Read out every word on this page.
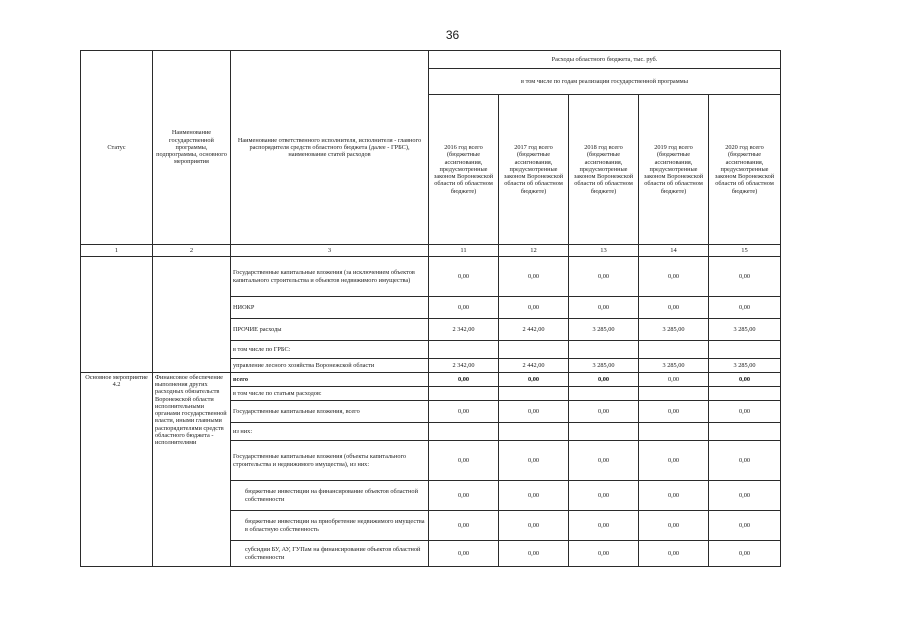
36
Статус	Наименование государственной программы, подпрограммы, основного мероприятия	Наименование ответственного исполнителя, исполнителя - главного распорядителя средств областного бюджета (далее - ГРБС), наименование статей расходов	Расходы областного бюджета, тыс. руб.				
			в том числе по годам реализации государственной программы				
			2016 год всего (бюджетные ассигнования, предусмотренные законом Воронежской области об областном бюджете)	2017 год всего (бюджетные ассигнования, предусмотренные законом Воронежской области об областном бюджете)	2018 год всего (бюджетные ассигнования, предусмотренные законом Воронежской области об областном бюджете)	2019 год всего (бюджетные ассигнования, предусмотренные законом Воронежской области об областном бюджете)	2020 год всего (бюджетные ассигнования, предусмотренные законом Воронежской области об областном бюджете)
1	2	3	11	12	13	14	15
		Государственные капитальные вложения (за исключением объектов капитального строительства и объектов недвижимого имущества)	0,00	0,00	0,00	0,00	0,00
		НИОКР	0,00	0,00	0,00	0,00	0,00
		ПРОЧИЕ расходы	2 342,00	2 442,00	3 285,00	3 285,00	3 285,00
		в том числе по ГРБС:					
		управление лесного хозяйства Воронежской области	2 342,00	2 442,00	3 285,00	3 285,00	3 285,00
Основное мероприятие 4.2	Финансовое обеспечение выполнения других расходных обязательств Воронежской области исполнительными органами государственной власти, иными главными распорядителями средств областного бюджета - исполнителями	всего	0,00	0,00	0,00	0,00	0,00
		в том числе по статьям расходов:					
		Государственные капитальные вложения, всего	0,00	0,00	0,00	0,00	0,00
		из них:					
		Государственные капитальные вложения (объекты капитального строительства и недвижимого имущества), из них:	0,00	0,00	0,00	0,00	0,00
		бюджетные инвестиции на финансирование объектов областной собственности	0,00	0,00	0,00	0,00	0,00
		бюджетные инвестиции на приобретение недвижимого имущества в областную собственность	0,00	0,00	0,00	0,00	0,00
		субсидии БУ, АУ, ГУПам на финансирование объектов областной собственности	0,00	0,00	0,00	0,00	0,00
